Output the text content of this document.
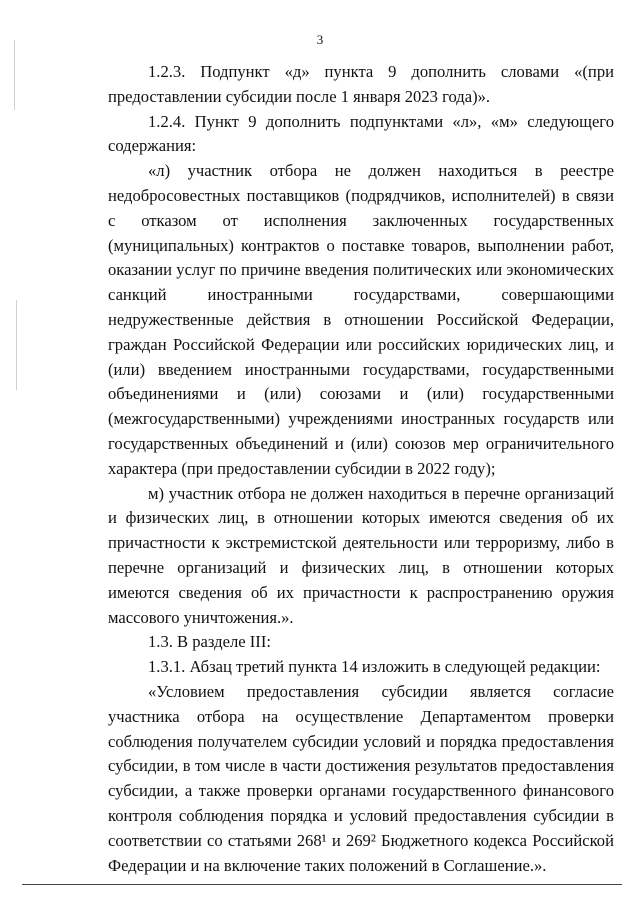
3

1.2.3. Подпункт «д» пункта 9 дополнить словами «(при предоставлении субсидии после 1 января 2023 года)».

1.2.4. Пункт 9 дополнить подпунктами «л», «м» следующего содержания:

«л) участник отбора не должен находиться в реестре недобросовестных поставщиков (подрядчиков, исполнителей) в связи с отказом от исполнения заключенных государственных (муниципальных) контрактов о поставке товаров, выполнении работ, оказании услуг по причине введения политических или экономических санкций иностранными государствами, совершающими недружественные действия в отношении Российской Федерации, граждан Российской Федерации или российских юридических лиц, и (или) введением иностранными государствами, государственными объединениями и (или) союзами и (или) государственными (межгосударственными) учреждениями иностранных государств или государственных объединений и (или) союзов мер ограничительного характера (при предоставлении субсидии в 2022 году);

м) участник отбора не должен находиться в перечне организаций и физических лиц, в отношении которых имеются сведения об их причастности к экстремистской деятельности или терроризму, либо в перечне организаций и физических лиц, в отношении которых имеются сведения об их причастности к распространению оружия массового уничтожения.».

1.3. В разделе III:

1.3.1. Абзац третий пункта 14 изложить в следующей редакции:

«Условием предоставления субсидии является согласие участника отбора на осуществление Департаментом проверки соблюдения получателем субсидии условий и порядка предоставления субсидии, в том числе в части достижения результатов предоставления субсидии, а также проверки органами государственного финансового контроля соблюдения порядка и условий предоставления субсидии в соответствии со статьями 268¹ и 269² Бюджетного кодекса Российской Федерации и на включение таких положений в Соглашение.».
